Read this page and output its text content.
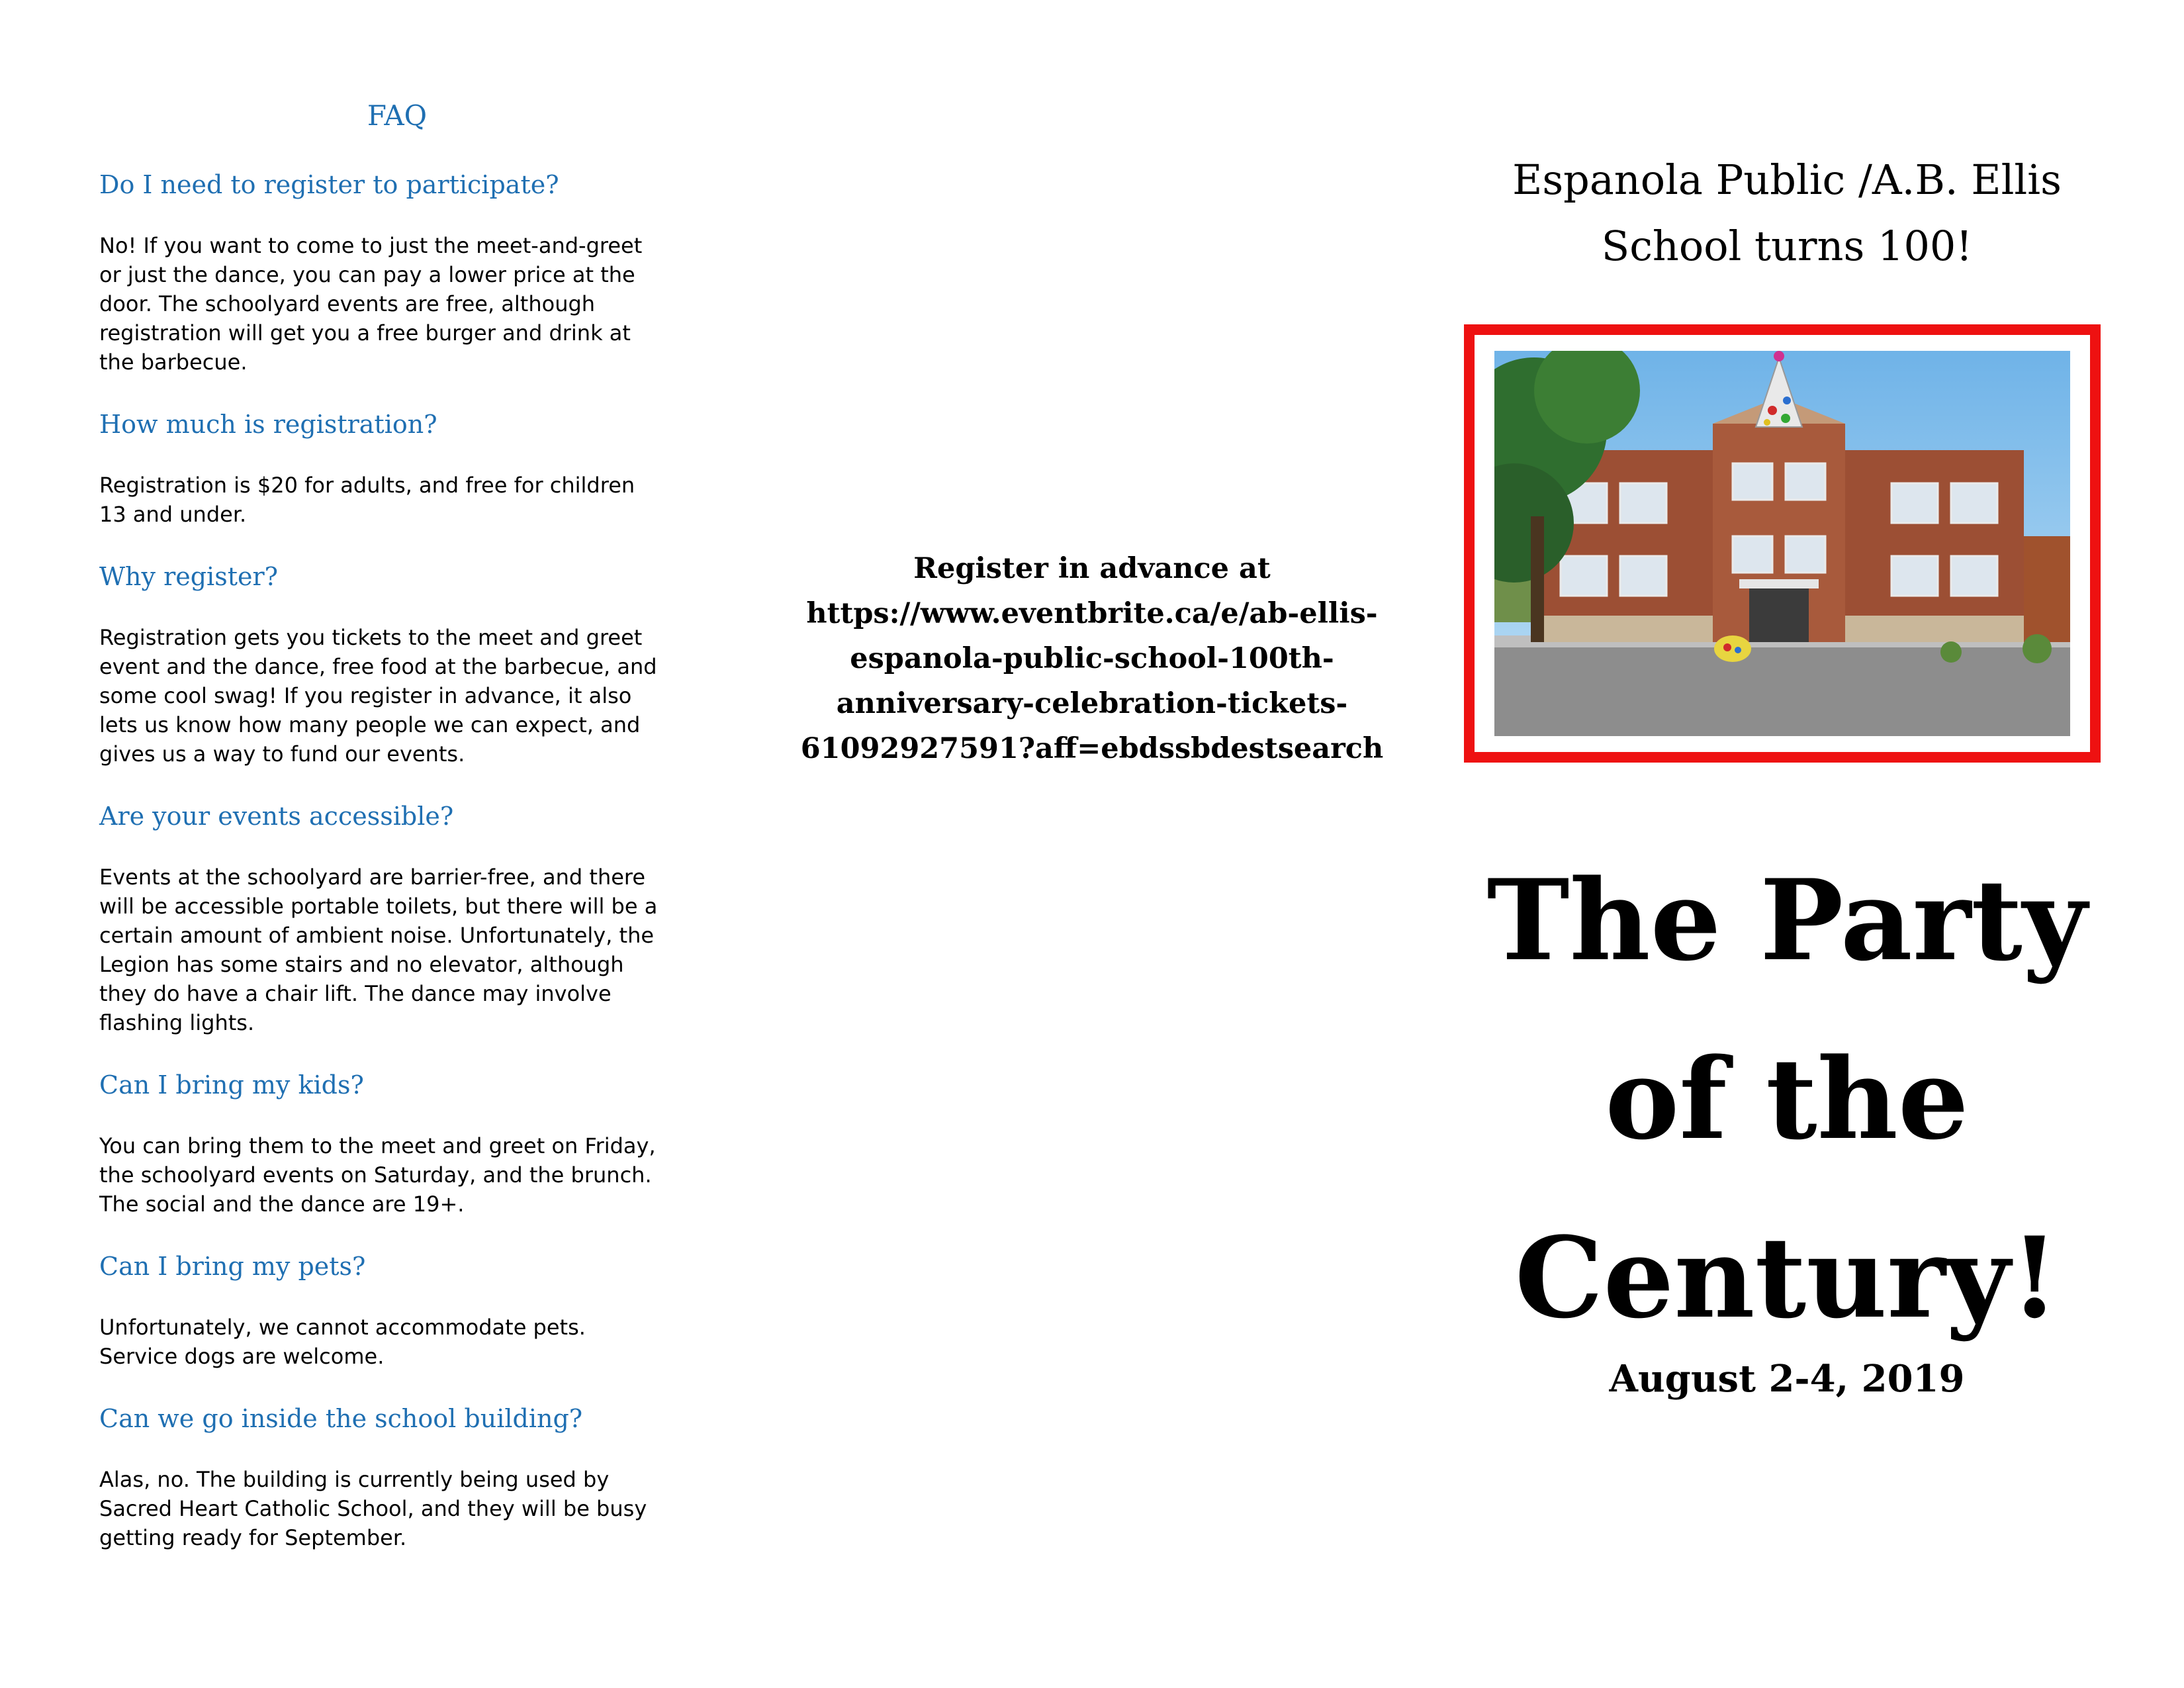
FAQ
Do I need to register to participate?

No! If you want to come to just the meet-and-greet
or just the dance, you can pay a lower price at the
door. The schoolyard events are free, although
registration will get you a free burger and drink at
the barbecue.

How much is registration?

Registration is $20 for adults, and free for children
13 and under.

Why register?

Registration gets you tickets to the meet and greet
event and the dance, free food at the barbecue, and
some cool swag! If you register in advance, it also
lets us know how many people we can expect, and
gives us a way to fund our events.

Are your events accessible?

Events at the schoolyard are barrier-free, and there
will be accessible portable toilets, but there will be a
certain amount of ambient noise. Unfortunately, the
Legion has some stairs and no elevator, although
they do have a chair lift. The dance may involve
flashing lights.

Can I bring my kids?

You can bring them to the meet and greet on Friday,
the schoolyard events on Saturday, and the brunch.
The social and the dance are 19+.

Can I bring my pets?

Unfortunately, we cannot accommodate pets.
Service dogs are welcome.

Can we go inside the school building?

Alas, no. The building is currently being used by
Sacred Heart Catholic School, and they will be busy
getting ready for September.

Register in advance at
https://www.eventbrite.ca/e/ab-ellis-
espanola-public-school-100th-
anniversary-celebration-tickets-
61092927591?aff=ebdssbdestsearch
Espanola Public /A.B. Ellis
School turns 100!
The Party
of the
Century!
August 2-4, 2019
